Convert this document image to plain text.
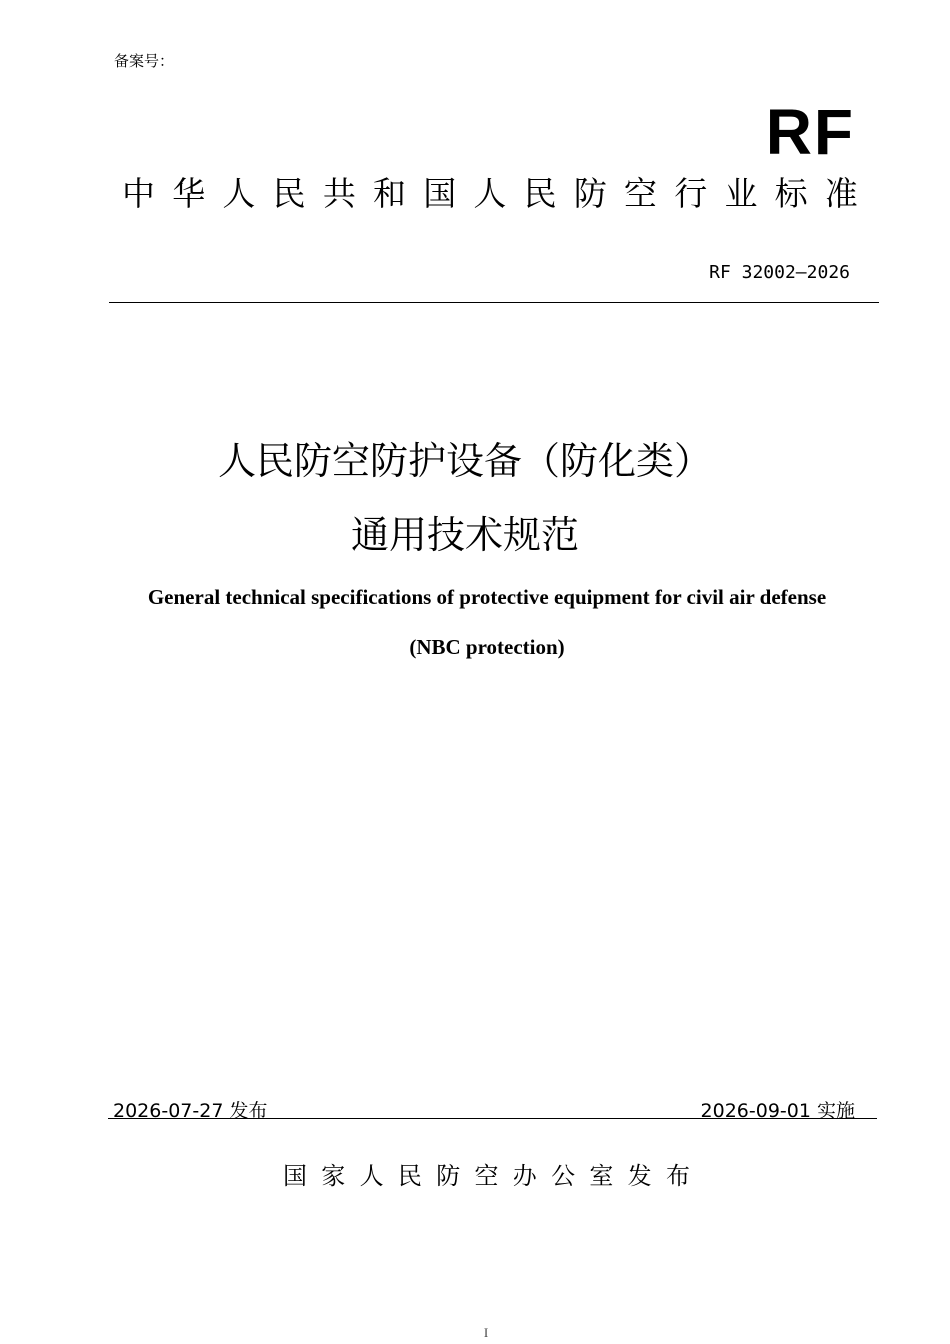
备案号：
RF
中 华 人 民 共 和 国 人 民 防 空 行 业 标 准
RF 32002—2026
人民防空防护设备（防化类）
通用技术规范
General technical specifications of protective equipment for civil air defense
(NBC protection)
2026-07-27 发布	2026-09-01 实施
国 家 人 民 防 空 办 公 室 发 布
I
